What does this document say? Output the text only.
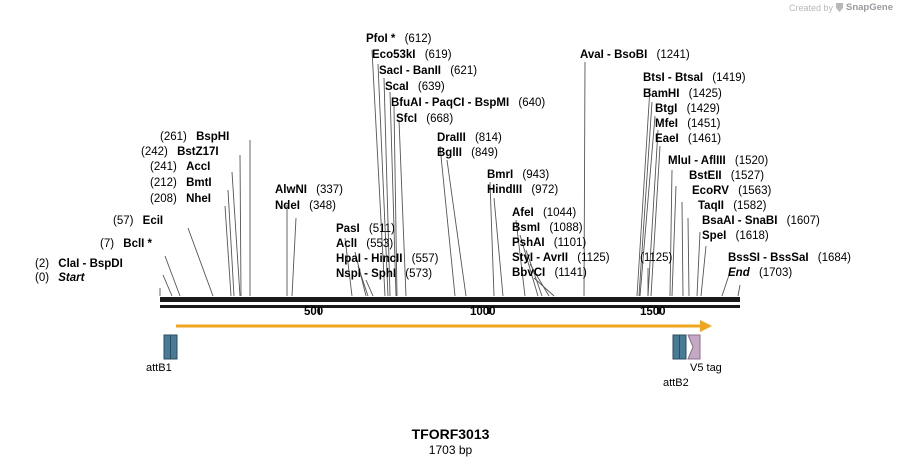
Created by SnapGene
(2) ClaI - BspDI
(0) Start
(7) BclI *
(57) EciI
(208) NheI
(212) BmtI
(241) AccI
(242) BstZ17I
(261) BspHI
AlwNI (337)
NdeI (348)
PasI (511)
AclI (553)
HpaI - HincII (557)
NspI - SphI (573)
PfoI * (612)
Eco53kI (619)
SacI - BanII (621)
ScaI (639)
BfuAI - PaqCI - BspMI (640)
SfcI (668)
DraIII (814)
BglII (849)
BmrI (943)
HindIII (972)
AfeI (1044)
BsmI (1088)
PshAI (1101)
StyI - AvrII (1125)
BbvCI (1141)
(1125)
AvaI - BsoBI (1241)
BtsI - BtsaI (1419)
BamHI (1425)
BtgI (1429)
MfeI (1451)
EaeI (1461)
MluI - AflIII (1520)
BstEII (1527)
EcoRV (1563)
TaqII (1582)
BsaAI - SnaBI (1607)
SpeI (1618)
BssSI - BssSaI (1684)
End (1703)
500	1000	1500
attB1
attB2
V5 tag
TFORF3013
1703 bp
